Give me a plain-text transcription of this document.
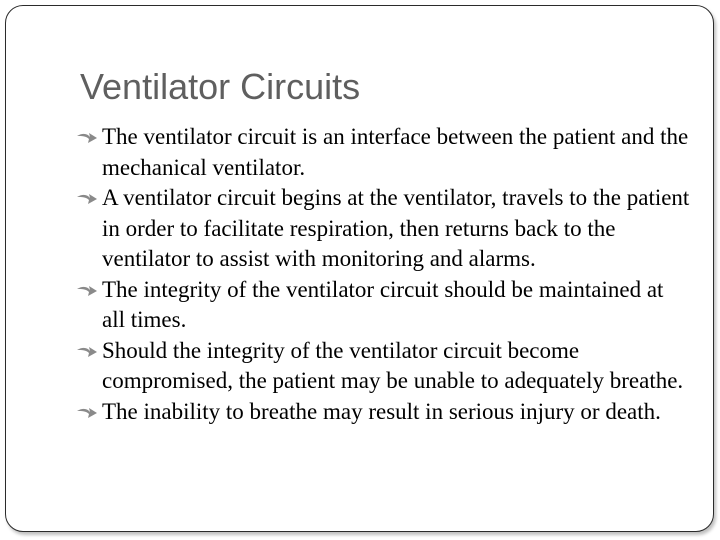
Ventilator Circuits
The ventilator circuit is an interface between the patient and the mechanical ventilator.
A ventilator circuit begins at the ventilator, travels to the patient in order to facilitate respiration, then returns back to the ventilator to assist with monitoring and alarms.
The integrity of the ventilator circuit should be maintained at all times.
Should the integrity of the ventilator circuit become compromised, the patient may be unable to adequately breathe.
The inability to breathe may result in serious injury or death.
